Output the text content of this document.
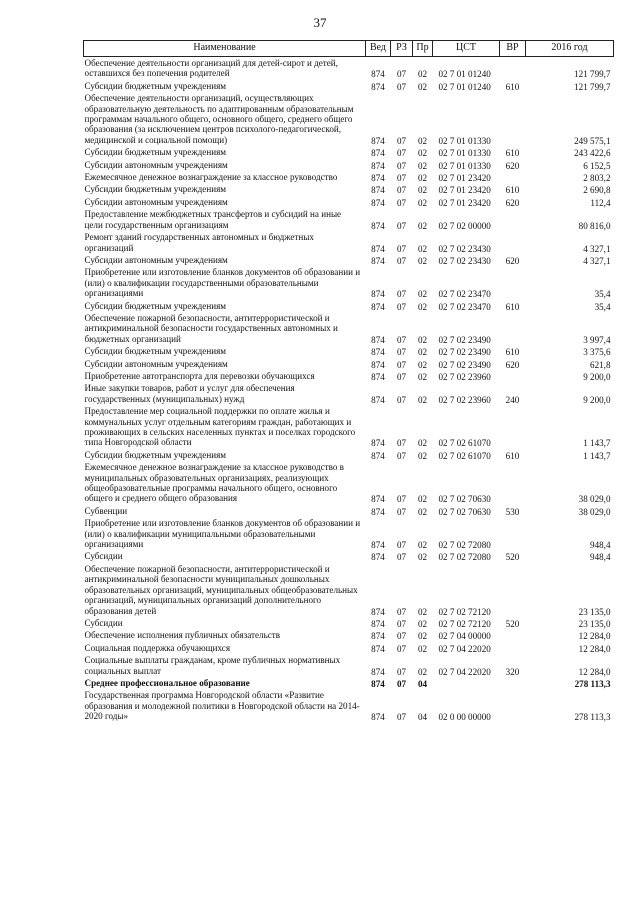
37
Наименование	Вед	РЗ	Пр	ЦСТ	ВР	2016 год
Обеспечение деятельности организаций для детей-сирот и детей, оставшихся без попечения родителей	874	07	02	02 7 01 01240		121 799,7
Субсидии бюджетным учреждениям	874	07	02	02 7 01 01240	610	121 799,7
Обеспечение деятельности организаций, осуществляющих образовательную деятельность по адаптированным образовательным программам начального общего, основного общего, среднего общего образования (за исключением центров психолого-педагогической, медицинской и социальной помощи)	874	07	02	02 7 01 01330		249 575,1
Субсидии бюджетным учреждениям	874	07	02	02 7 01 01330	610	243 422,6
Субсидии автономным учреждениям	874	07	02	02 7 01 01330	620	6 152,5
Ежемесячное денежное вознаграждение за классное руководство	874	07	02	02 7 01 23420		2 803,2
Субсидии бюджетным учреждениям	874	07	02	02 7 01 23420	610	2 690,8
Субсидии автономным учреждениям	874	07	02	02 7 01 23420	620	112,4
Предоставление межбюджетных трансфертов и субсидий на иные цели государственным организациям	874	07	02	02 7 02 00000		80 816,0
Ремонт зданий государственных автономных и бюджетных организаций	874	07	02	02 7 02 23430		4 327,1
Субсидии автономным учреждениям	874	07	02	02 7 02 23430	620	4 327,1
Приобретение или изготовление бланков документов об образовании и (или) о квалификации государственными образовательными организациями	874	07	02	02 7 02 23470		35,4
Субсидии бюджетным учреждениям	874	07	02	02 7 02 23470	610	35,4
Обеспечение пожарной безопасности, антитеррористической и антикриминальной безопасности государственных автономных и бюджетных организаций	874	07	02	02 7 02 23490		3 997,4
Субсидии бюджетным учреждениям	874	07	02	02 7 02 23490	610	3 375,6
Субсидии автономным учреждениям	874	07	02	02 7 02 23490	620	621,8
Приобретение автотранспорта для перевозки обучающихся	874	07	02	02 7 02 23960		9 200,0
Иные закупки товаров, работ и услуг для обеспечения государственных (муниципальных) нужд	874	07	02	02 7 02 23960	240	9 200,0
Предоставление мер социальной поддержки по оплате жилья и коммунальных услуг отдельным категориям граждан, работающих и проживающих в сельских населенных пунктах и поселках городского типа Новгородской области	874	07	02	02 7 02 61070		1 143,7
Субсидии бюджетным учреждениям	874	07	02	02 7 02 61070	610	1 143,7
Ежемесячное денежное вознаграждение за классное руководство в муниципальных образовательных организациях, реализующих общеобразовательные программы начального общего, основного общего и среднего общего образования	874	07	02	02 7 02 70630		38 029,0
Субвенции	874	07	02	02 7 02 70630	530	38 029,0
Приобретение или изготовление бланков документов об образовании и (или) о квалификации муниципальными образовательными организациями	874	07	02	02 7 02 72080		948,4
Субсидии	874	07	02	02 7 02 72080	520	948,4
Обеспечение пожарной безопасности, антитеррористической и антикриминальной безопасности муниципальных дошкольных образовательных организаций, муниципальных общеобразовательных организаций, муниципальных организаций дополнительного образования детей	874	07	02	02 7 02 72120		23 135,0
Субсидии	874	07	02	02 7 02 72120	520	23 135,0
Обеспечение исполнения публичных обязательств	874	07	02	02 7 04 00000		12 284,0
Социальная поддержка обучающихся	874	07	02	02 7 04 22020		12 284,0
Социальные выплаты гражданам, кроме публичных нормативных социальных выплат	874	07	02	02 7 04 22020	320	12 284,0
Среднее профессиональное образование	874	07	04			278 113,3
Государственная программа Новгородской области «Развитие образования и молодежной политики в Новгородской области на 2014-2020 годы»	874	07	04	02 0 00 00000		278 113,3
